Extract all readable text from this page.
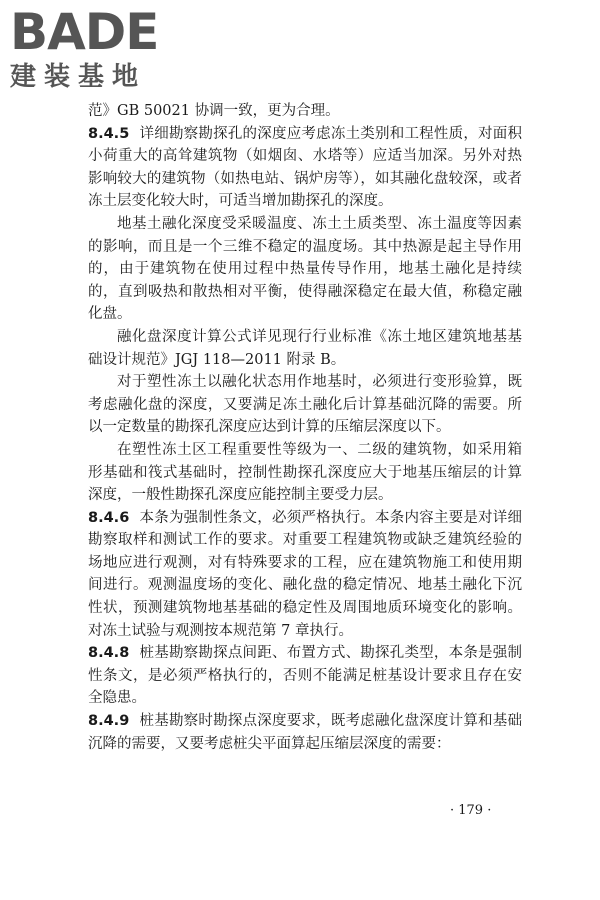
BADE
建装基地

范》GB 50021 协调一致，更为合理。

8.4.5 详细勘察勘探孔的深度应考虑冻土类别和工程性质，对面积小荷重大的高耸建筑物（如烟囱、水塔等）应适当加深。另外对热影响较大的建筑物（如热电站、锅炉房等），如其融化盘较深，或者冻土层变化较大时，可适当增加勘探孔的深度。

地基土融化深度受采暖温度、冻土土质类型、冻土温度等因素的影响，而且是一个三维不稳定的温度场。其中热源是起主导作用的，由于建筑物在使用过程中热量传导作用，地基土融化是持续的，直到吸热和散热相对平衡，使得融深稳定在最大值，称稳定融化盘。

融化盘深度计算公式详见现行行业标准《冻土地区建筑地基基础设计规范》JGJ 118—2011 附录 B。

对于塑性冻土以融化状态用作地基时，必须进行变形验算，既考虑融化盘的深度，又要满足冻土融化后计算基础沉降的需要。所以一定数量的勘探孔深度应达到计算的压缩层深度以下。

在塑性冻土区工程重要性等级为一、二级的建筑物，如采用箱形基础和筏式基础时，控制性勘探孔深度应大于地基压缩层的计算深度，一般性勘探孔深度应能控制主要受力层。

8.4.6 本条为强制性条文，必须严格执行。本条内容主要是对详细勘察取样和测试工作的要求。对重要工程建筑物或缺乏建筑经验的场地应进行观测，对有特殊要求的工程，应在建筑物施工和使用期间进行。观测温度场的变化、融化盘的稳定情况、地基土融化下沉性状，预测建筑物地基基础的稳定性及周围地质环境变化的影响。对冻土试验与观测按本规范第 7 章执行。

8.4.8 桩基勘察勘探点间距、布置方式、勘探孔类型，本条是强制性条文，是必须严格执行的，否则不能满足桩基设计要求且存在安全隐患。

8.4.9 桩基勘察时勘探点深度要求，既考虑融化盘深度计算和基础沉降的需要，又要考虑桩尖平面算起压缩层深度的需要：

· 179 ·
